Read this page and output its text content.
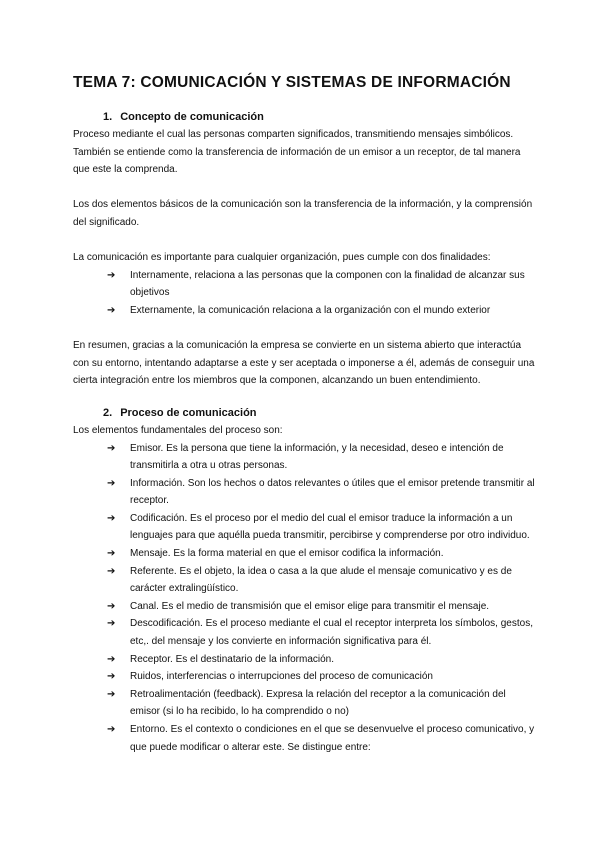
TEMA 7: COMUNICACIÓN Y SISTEMAS DE INFORMACIÓN
1. Concepto de comunicación

Proceso mediante el cual las personas comparten significados, transmitiendo mensajes simbólicos. También se entiende como la transferencia de información de un emisor a un receptor, de tal manera que este la comprenda.

Los dos elementos básicos de la comunicación son la transferencia de la información, y la comprensión del significado.

La comunicación es importante para cualquier organización, pues cumple con dos finalidades:

➔ Internamente, relaciona a las personas que la componen con la finalidad de alcanzar sus objetivos
➔ Externamente, la comunicación relaciona a la organización con el mundo exterior

En resumen, gracias a la comunicación la empresa se convierte en un sistema abierto que interactúa con su entorno, intentando adaptarse a este y ser aceptada o imponerse a él, además de conseguir una cierta integración entre los miembros que la componen, alcanzando un buen entendimiento.

2. Proceso de comunicación

Los elementos fundamentales del proceso son:

➔ Emisor. Es la persona que tiene la información, y la necesidad, deseo e intención de transmitirla a otra u otras personas.
➔ Información. Son los hechos o datos relevantes o útiles que el emisor pretende transmitir al receptor.
➔ Codificación. Es el proceso por el medio del cual el emisor traduce la información a un lenguajes para que aquélla pueda transmitir, percibirse y comprenderse por otro individuo.
➔ Mensaje. Es la forma material en que el emisor codifica la información.
➔ Referente. Es el objeto, la idea o casa a la que alude el mensaje comunicativo y es de carácter extralingüístico.
➔ Canal. Es el medio de transmisión que el emisor elige para transmitir el mensaje.
➔ Descodificación. Es el proceso mediante el cual el receptor interpreta los símbolos, gestos, etc,. del mensaje y los convierte en información significativa para él.
➔ Receptor. Es el destinatario de la información.
➔ Ruidos, interferencias o interrupciones del proceso de comunicación
➔ Retroalimentación (feedback). Expresa la relación del receptor a la comunicación del emisor (si lo ha recibido, lo ha comprendido o no)
➔ Entorno. Es el contexto o condiciones en el que se desenvuelve el proceso comunicativo, y que puede modificar o alterar este. Se distingue entre:
